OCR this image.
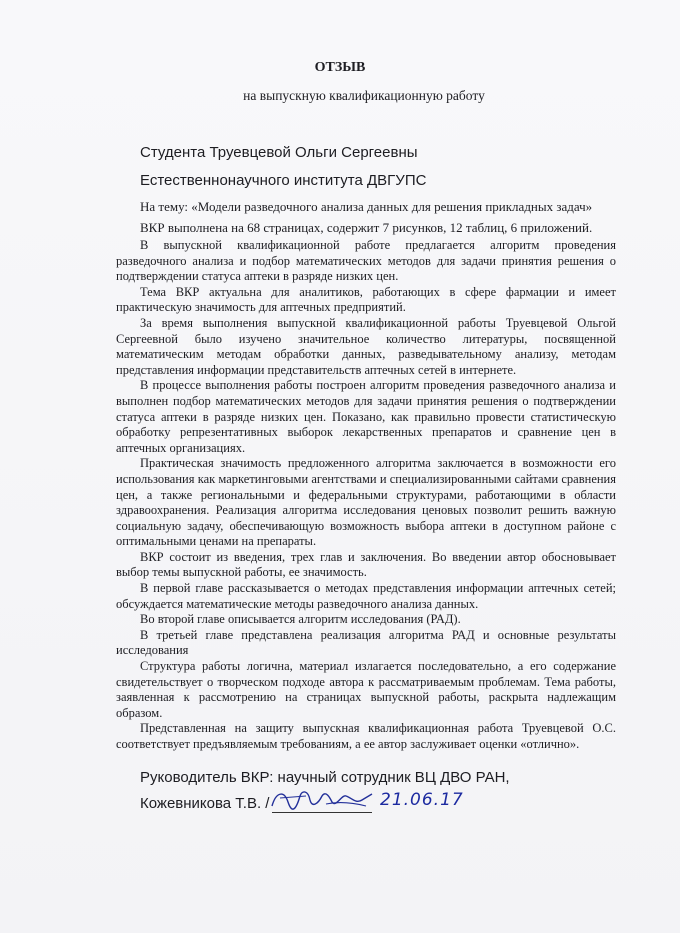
ОТЗЫВ
на выпускную квалификационную работу
Студента Труевцевой Ольги Сергеевны
Естественнонаучного института ДВГУПС
На тему: «Модели разведочного анализа данных для решения прикладных задач»
ВКР выполнена на 68 страницах, содержит 7 рисунков, 12 таблиц, 6 приложений.

В выпускной квалификационной работе предлагается алгоритм проведения разведочного анализа и подбор математических методов для задачи принятия решения о подтверждении статуса аптеки в разряде низких цен.

Тема ВКР актуальна для аналитиков, работающих в сфере фармации и имеет практическую значимость для аптечных предприятий.

За время выполнения выпускной квалификационной работы Труевцевой Ольгой Сергеевной было изучено значительное количество литературы, посвященной математическим методам обработки данных, разведывательному анализу, методам представления информации представительств аптечных сетей в интернете.

В процессе выполнения работы построен алгоритм проведения разведочного анализа и выполнен подбор математических методов для задачи принятия решения о подтверждении статуса аптеки в разряде низких цен. Показано, как правильно провести статистическую обработку репрезентативных выборок лекарственных препаратов и сравнение цен в аптечных организациях.

Практическая значимость предложенного алгоритма заключается в возможности его использования как маркетинговыми агентствами и специализированными сайтами сравнения цен, а также региональными и федеральными структурами, работающими в области здравоохранения. Реализация алгоритма исследования ценовых позволит решить важную социальную задачу, обеспечивающую возможность выбора аптеки в доступном районе с оптимальными ценами на препараты.

ВКР состоит из введения, трех глав и заключения. Во введении автор обосновывает выбор темы выпускной работы, ее значимость.

В первой главе рассказывается о методах представления информации аптечных сетей; обсуждается математические методы разведочного анализа данных.

Во второй главе описывается алгоритм исследования (РАД).

В третьей главе представлена реализация алгоритма РАД и основные результаты исследования

Структура работы логична, материал излагается последовательно, а его содержание свидетельствует о творческом подходе автора к рассматриваемым проблемам. Тема работы, заявленная к рассмотрению на страницах выпускной работы, раскрыта надлежащим образом.

Представленная на защиту выпускная квалификационная работа Труевцевой О.С. соответствует предъявляемым требованиям, а ее автор заслуживает оценки «отлично».

Руководитель ВКР: научный сотрудник ВЦ ДВО РАН,
Кожевникова Т.В. /	21.06.17
